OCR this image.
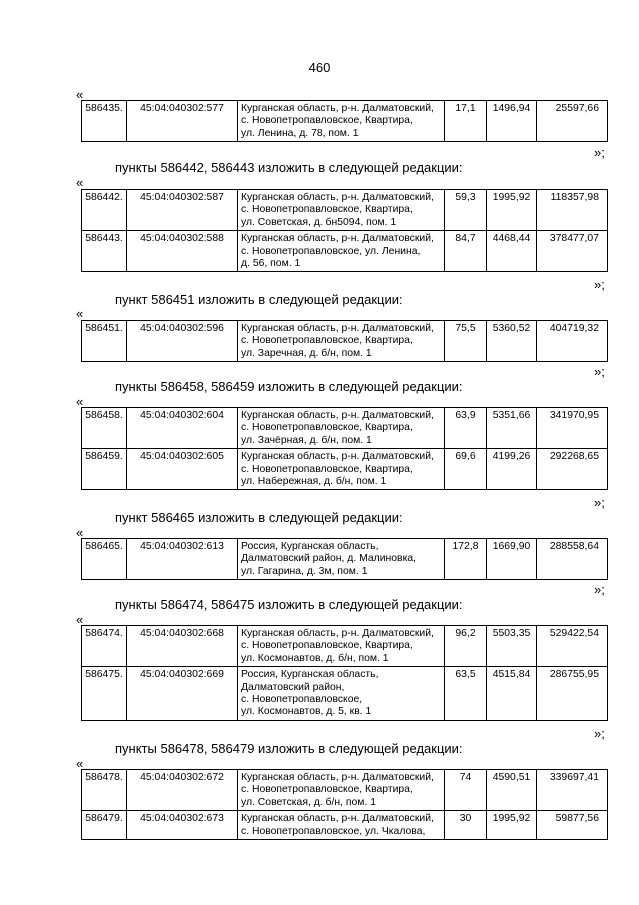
460
«
586435.	45:04:040302:577	Курганская область, р-н. Далматовский,
с. Новопетропавловское, Квартира,
ул. Ленина, д. 78, пом. 1
	17,1	1496,94	25597,66
»;
пункты 586442, 586443 изложить в следующей редакции:
«
586442.	45:04:040302:587	Курганская область, р-н. Далматовский,
с. Новопетропавловское, Квартира,
ул. Советская, д. бн5094, пом. 1	59,3	1995,92	118357,98
586443.	45:04:040302:588	Курганская область, р-н. Далматовский,
с. Новопетропавловское, ул. Ленина,
д. 56, пом. 1	84,7	4468,44	378477,07
»;
пункт 586451 изложить в следующей редакции:
«
586451.	45:04:040302:596	Курганская область, р-н. Далматовский,
с. Новопетропавловское, Квартира,
ул. Заречная, д. б/н, пом. 1
	75,5	5360,52	404719,32
»;
пункты 586458, 586459 изложить в следующей редакции:
«
586458.	45:04:040302:604	Курганская область, р-н. Далматовский,
с. Новопетропавловское, Квартира,
ул. Зачёрная, д. б/н, пом. 1	63,9	5351,66	341970,95
586459.	45:04:040302:605	Курганская область, р-н. Далматовский,
с. Новопетропавловское, Квартира,
ул. Набережная, д. б/н, пом. 1	69,6	4199,26	292268,65
»;
пункт 586465 изложить в следующей редакции:
«
586465.	45:04:040302:613	Россия, Курганская область,
Далматовский район, д. Малиновка,
ул. Гагарина, д. 3м, пом. 1
	172,8	1669,90	288558,64
»;
пункты 586474, 586475 изложить в следующей редакции:
«
586474.	45:04:040302:668	Курганская область, р-н. Далматовский,
с. Новопетропавловское, Квартира,
ул. Космонавтов, д. б/н, пом. 1	96,2	5503,35	529422,54
586475.	45:04:040302:669	Россия, Курганская область,
Далматовский район,
с. Новопетропавловское,
ул. Космонавтов, д. 5, кв. 1	63,5	4515,84	286755,95
»;
пункты 586478, 586479 изложить в следующей редакции:
«
586478.	45:04:040302:672	Курганская область, р-н. Далматовский,
с. Новопетропавловское, Квартира,
ул. Советская, д. б/н, пом. 1	74	4590,51	339697,41
586479.	45:04:040302:673	Курганская область, р-н. Далматовский,
с. Новопетропавловское, ул. Чкалова,	30	1995,92	59877,56
